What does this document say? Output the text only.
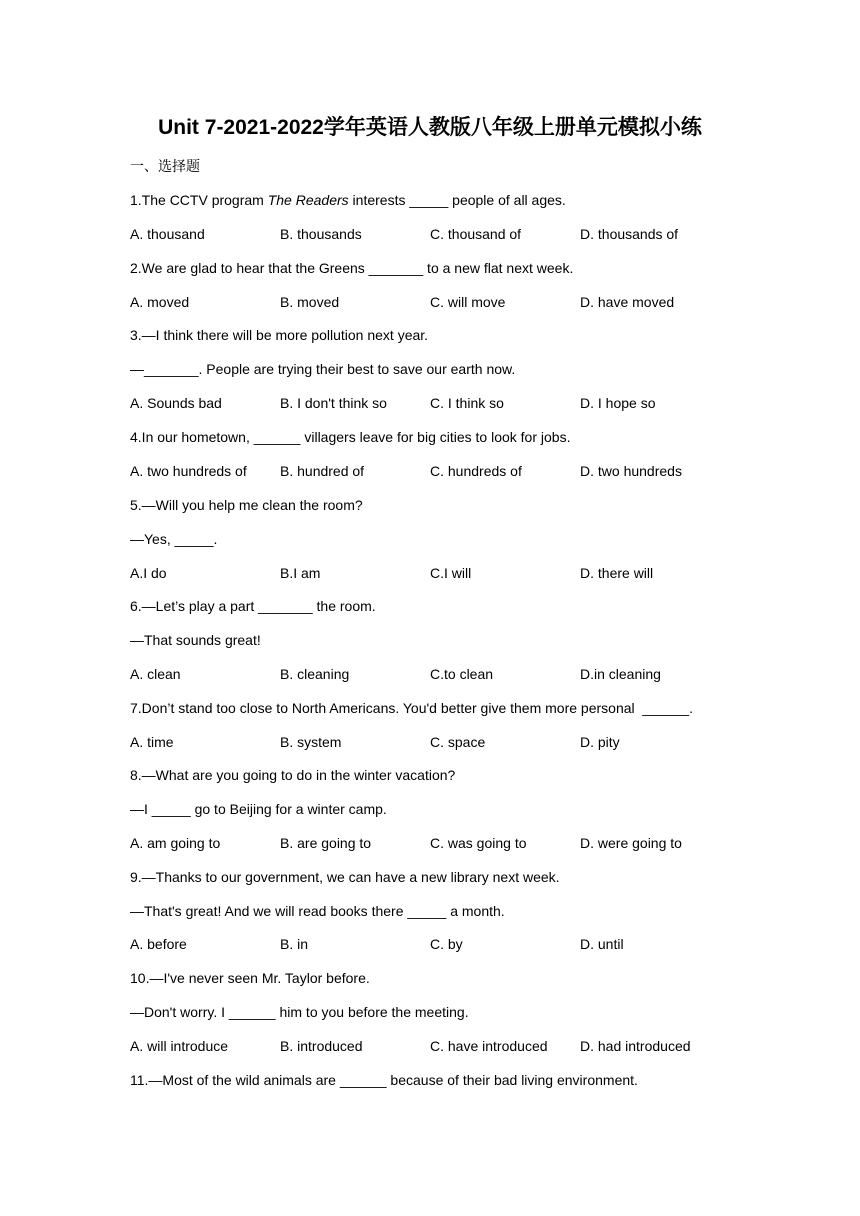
Unit 7-2021-2022学年英语人教版八年级上册单元模拟小练
一、选择题
1.The CCTV program The Readers interests _____ people of all ages.
A. thousand	B. thousands	C. thousand of	D. thousands of
2.We are glad to hear that the Greens _______ to a new flat next week.
A. moved	B. moved	C. will move	D. have moved
3.—I think there will be more pollution next year.
—_______. People are trying their best to save our earth now.
A. Sounds bad	B. I don't think so	C. I think so	D. I hope so
4.In our hometown, ______ villagers leave for big cities to look for jobs.
A. two hundreds of B. hundred of	C. hundreds of	D. two hundreds
5.—Will you help me clean the room?
—Yes, _____.
A.I do	B.I am	C.I will	D. there will
6.—Let’s play a part _______ the room.
—That sounds great!
A. clean	B. cleaning	C.to clean	D.in cleaning
7.Don’t stand too close to North Americans. You'd better give them more personal  ______.
A. time	B. system	C. space	D. pity
8.—What are you going to do in the winter vacation?
—I _____ go to Beijing for a winter camp.
A. am going to	B. are going to	C. was going to	D. were going to
9.—Thanks to our government, we can have a new library next week.
—That's great! And we will read books there _____ a month.
A. before	B. in	C. by	D. until
10.—I've never seen Mr. Taylor before.
—Don't worry. I ______ him to you before the meeting.
A. will introduce	B. introduced	C. have introduced D. had introduced
11.—Most of the wild animals are ______ because of their bad living environment.
